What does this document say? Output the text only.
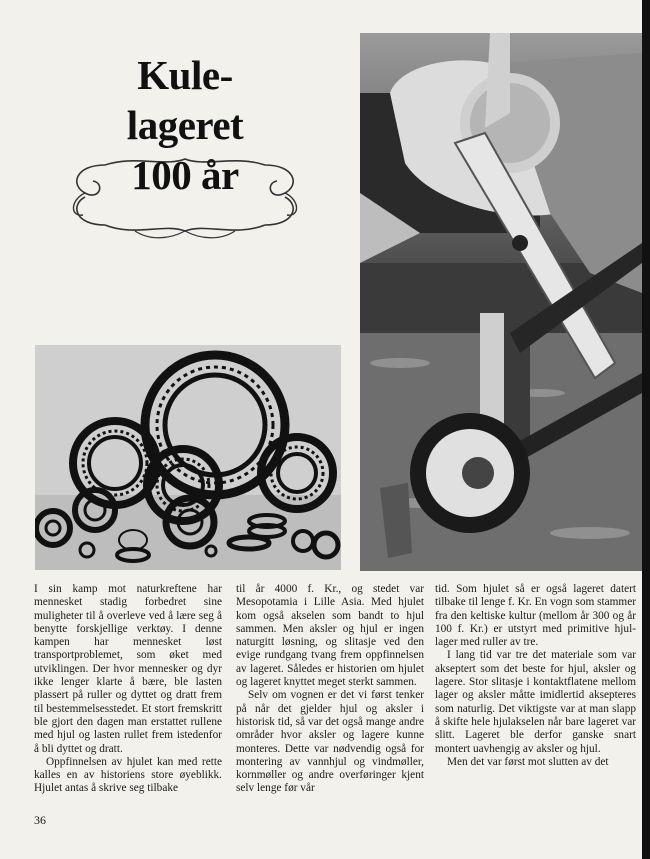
Kule-
lageret
100 år

I sin kamp mot naturkreftene har mennesket stadig forbedret sine muligheter til å overleve ved å lære seg å benytte forskjellige verktøy. I denne kampen har mennesket løst transportproblemet, som øket med utviklingen. Der hvor mennesker og dyr ikke lenger klarte å bære, ble lasten plassert på ruller og dyttet og dratt frem til bestemmelsesstedet. Et stort fremskritt ble gjort den dagen man erstattet rullene med hjul og lasten rullet frem istedenfor å bli dyttet og dratt.

Oppfinnelsen av hjulet kan med rette kalles en av historiens store øyeblikk. Hjulet antas å skrive seg tilbake

til år 4000 f. Kr., og stedet var Mesopotamia i Lille Asia. Med hjulet kom også akselen som bandt to hjul sammen. Men aksler og hjul er ingen naturgitt løsning, og slitasje ved den evige rundgang tvang frem oppfinnelsen av lageret. Således er historien om hjulet og lageret knyttet meget sterkt sammen.

Selv om vognen er det vi først tenker på når det gjelder hjul og aksler i historisk tid, så var det også mange andre områder hvor aksler og lagere kunne monteres. Dette var nødvendig også for montering av vannhjul og vindmøller, kornmøller og andre overføringer kjent selv lenge før vår

tid. Som hjulet så er også lageret datert tilbake til lenge f. Kr. En vogn som stammer fra den keltiske kultur (mellom år 300 og år 100 f. Kr.) er utstyrt med primitive hjul-lager med ruller av tre.

I lang tid var tre det materiale som var akseptert som det beste for hjul, aksler og lagere. Stor slitasje i kontaktflatene mellom lager og aksler måtte imidlertid aksepteres som naturlig. Det viktigste var at man slapp å skifte hele hjulakselen når bare lageret var slitt. Lageret ble derfor ganske snart montert uavhengig av aksler og hjul.

Men det var først mot slutten av det

36
